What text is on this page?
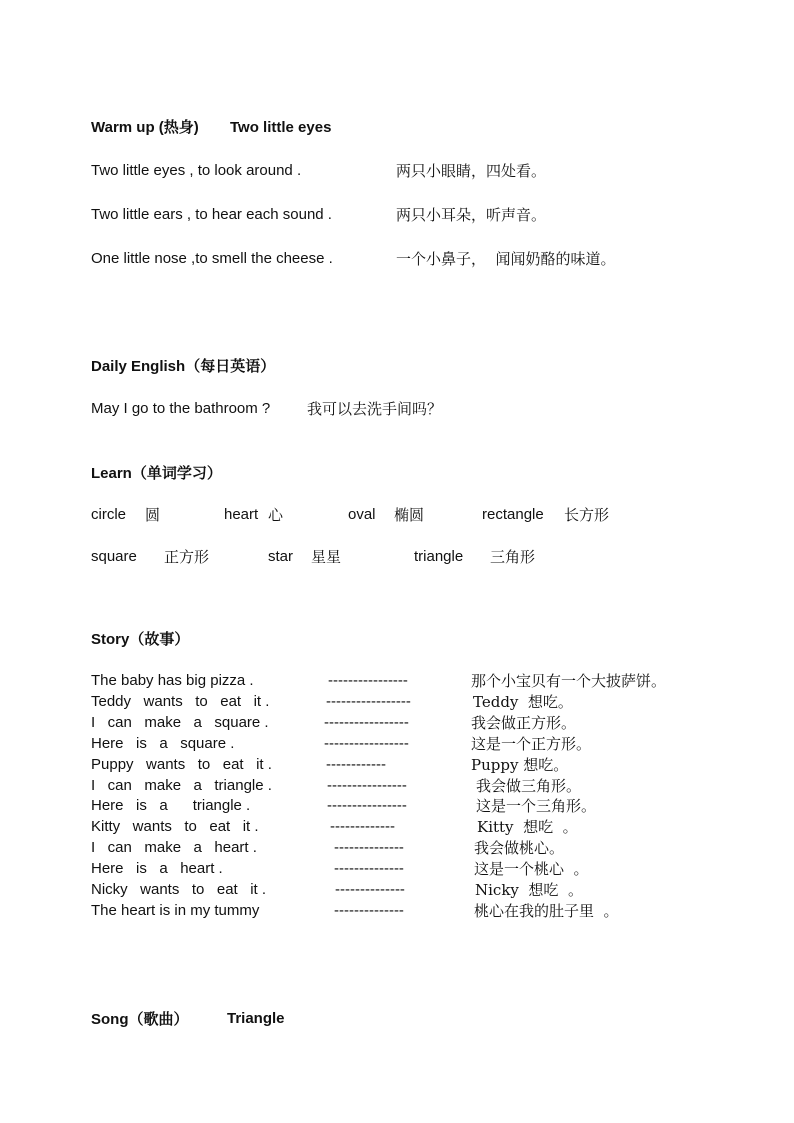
Warm up (热身) Two little eyes
Two little eyes , to look around .	两只小眼睛，四处看。
Two little ears , to hear each sound .	两只小耳朵，听声音。
One little nose ,to smell the cheese .	一个小鼻子，  闻闻奶酪的味道。
Daily English（每日英语）
May I go to the bathroom ? 我可以去洗手间吗？
Learn（单词学习）
circle 圆	heart 心	oval 椭圆	rectangle 长方形
square 正方形	star 星星	triangle 三角形
Story（故事）
The baby has big pizza .	----------------	那个小宝贝有一个大披萨饼。
Teddy   wants   to   eat   it .	-----------------	Teddy  想吃。
I   can   make   a   square .	-----------------	我会做正方形。
Here   is   a   square .	-----------------	这是一个正方形。
Puppy   wants   to   eat   it .	------------	Puppy 想吃。
I   can   make   a   triangle .	----------------	我会做三角形。
Here   is   a      triangle .	----------------	这是一个三角形。
Kitty   wants   to   eat   it .	-------------	Kitty  想吃  。
I   can   make   a   heart .	--------------	我会做桃心。
Here   is   a   heart .	--------------	这是一个桃心  。
Nicky   wants   to   eat   it .	--------------	Nicky  想吃  。
The heart is in my tummy	--------------	桃心在我的肚子里  。
Song（歌曲）	Triangle
